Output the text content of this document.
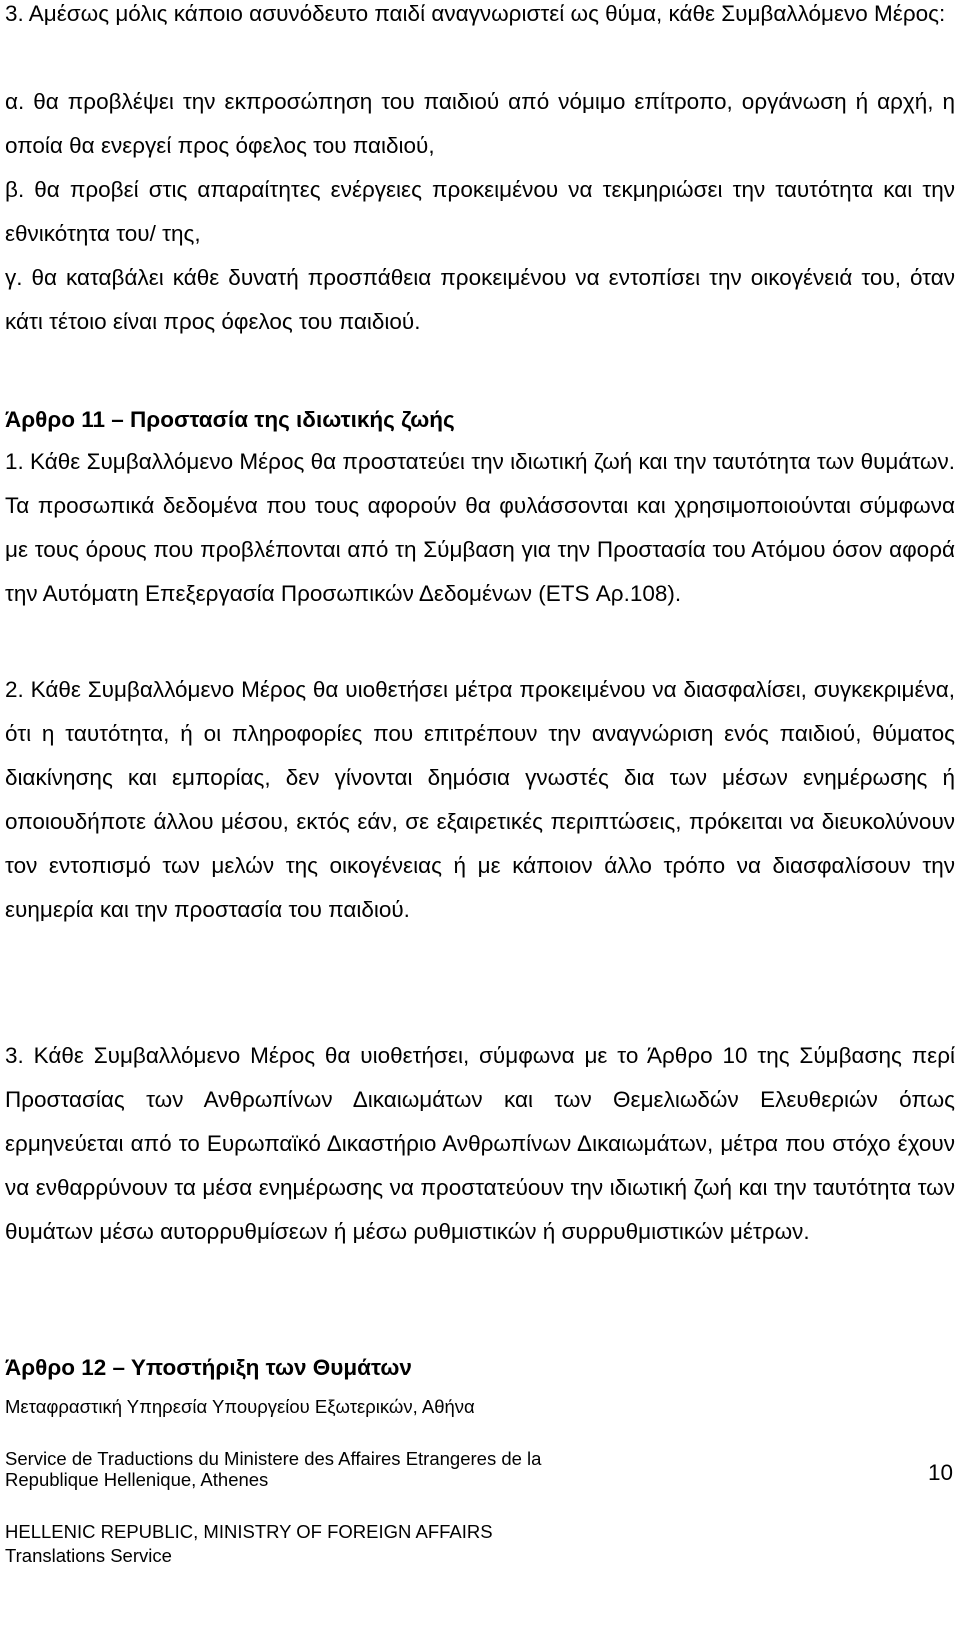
3. Αμέσως μόλις κάποιο ασυνόδευτο παιδί αναγνωριστεί ως θύμα, κάθε Συμβαλλόμενο Μέρος:

α. θα προβλέψει την εκπροσώπηση του παιδιού από νόμιμο επίτροπο, οργάνωση ή αρχή, η οποία θα ενεργεί προς όφελος του παιδιού,

β. θα προβεί στις απαραίτητες ενέργειες προκειμένου να τεκμηριώσει την ταυτότητα και την εθνικότητα του/ της,

γ. θα καταβάλει κάθε δυνατή προσπάθεια προκειμένου να εντοπίσει την οικογένειά του, όταν κάτι τέτοιο είναι προς όφελος του παιδιού.

Άρθρο 11 – Προστασία της ιδιωτικής ζωής

1. Κάθε Συμβαλλόμενο Μέρος θα προστατεύει την ιδιωτική ζωή και την ταυτότητα των θυμάτων. Τα προσωπικά δεδομένα που τους αφορούν θα φυλάσσονται και χρησιμοποιούνται σύμφωνα με τους όρους που προβλέπονται από τη Σύμβαση για την Προστασία του Ατόμου όσον αφορά την Αυτόματη Επεξεργασία Προσωπικών Δεδομένων (ETS Αρ.108).

2. Κάθε Συμβαλλόμενο Μέρος θα υιοθετήσει μέτρα προκειμένου να διασφαλίσει, συγκεκριμένα, ότι η ταυτότητα, ή οι πληροφορίες που επιτρέπουν την αναγνώριση ενός παιδιού, θύματος διακίνησης και εμπορίας, δεν γίνονται δημόσια γνωστές δια των μέσων ενημέρωσης ή οποιουδήποτε άλλου μέσου, εκτός εάν, σε εξαιρετικές περιπτώσεις, πρόκειται να διευκολύνουν τον εντοπισμό των μελών της οικογένειας ή με κάποιον άλλο τρόπο να διασφαλίσουν την ευημερία και την προστασία του παιδιού.

3. Κάθε Συμβαλλόμενο Μέρος θα υιοθετήσει, σύμφωνα με το Άρθρο 10 της Σύμβασης περί Προστασίας των Ανθρωπίνων Δικαιωμάτων και των Θεμελιωδών Ελευθεριών όπως ερμηνεύεται από το Ευρωπαϊκό Δικαστήριο Ανθρωπίνων Δικαιωμάτων, μέτρα που στόχο έχουν να ενθαρρύνουν τα μέσα ενημέρωσης να προστατεύουν την ιδιωτική ζωή και την ταυτότητα των θυμάτων μέσω αυτορρυθμίσεων ή μέσω ρυθμιστικών ή συρρυθμιστικών μέτρων.

Άρθρο 12 – Υποστήριξη των Θυμάτων

Μεταφραστική Υπηρεσία Υπουργείου Εξωτερικών, Αθήνα

Service de Traductions du Ministere des Affaires Etrangeres de la

Republique Hellenique, Athenes

HELLENIC REPUBLIC, MINISTRY OF FOREIGN AFFAIRS

Translations Service

10
